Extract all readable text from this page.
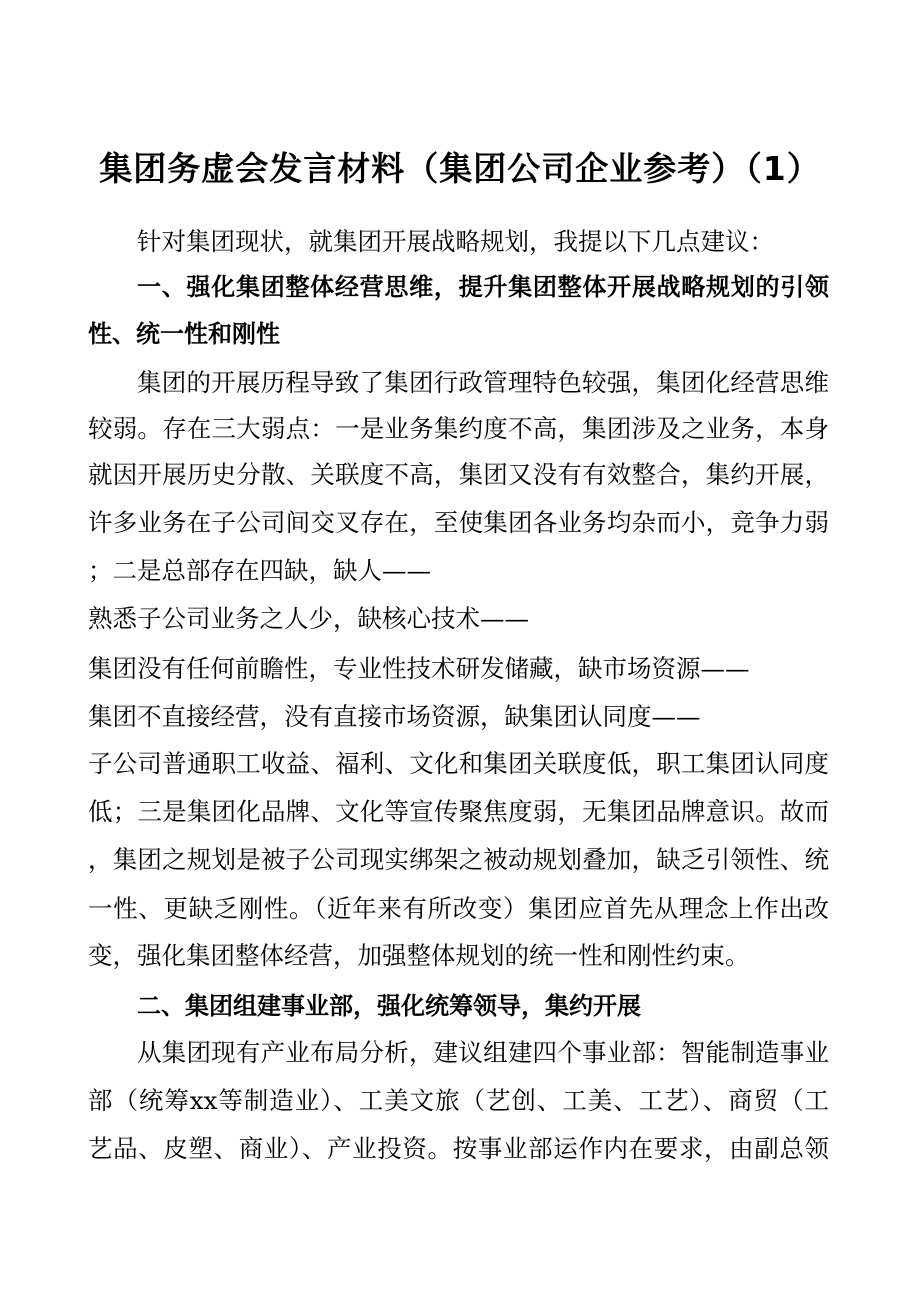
集团务虚会发言材料（集团公司企业参考）（1）
针对集团现状，就集团开展战略规划，我提以下几点建议：
一、强化集团整体经营思维，提升集团整体开展战略规划的引领
性、统一性和刚性
集团的开展历程导致了集团行政管理特色较强，集团化经营思维
较弱。存在三大弱点：一是业务集约度不高，集团涉及之业务，本身
就因开展历史分散、关联度不高，集团又没有有效整合，集约开展，
许多业务在子公司间交叉存在，至使集团各业务均杂而小，竞争力弱
；二是总部存在四缺，缺人——
熟悉子公司业务之人少，缺核心技术——
集团没有任何前瞻性，专业性技术研发储藏，缺市场资源——
集团不直接经营，没有直接市场资源，缺集团认同度——
子公司普通职工收益、福利、文化和集团关联度低，职工集团认同度
低；三是集团化品牌、文化等宣传聚焦度弱，无集团品牌意识。故而
，集团之规划是被子公司现实绑架之被动规划叠加，缺乏引领性、统
一性、更缺乏刚性。（近年来有所改变）集团应首先从理念上作出改
变，强化集团整体经营，加强整体规划的统一性和刚性约束。
二、集团组建事业部，强化统筹领导，集约开展
从集团现有产业布局分析，建议组建四个事业部：智能制造事业
部（统筹xx等制造业）、工美文旅（艺创、工美、工艺）、商贸（工
艺品、皮塑、商业）、产业投资。按事业部运作内在要求，由副总领
